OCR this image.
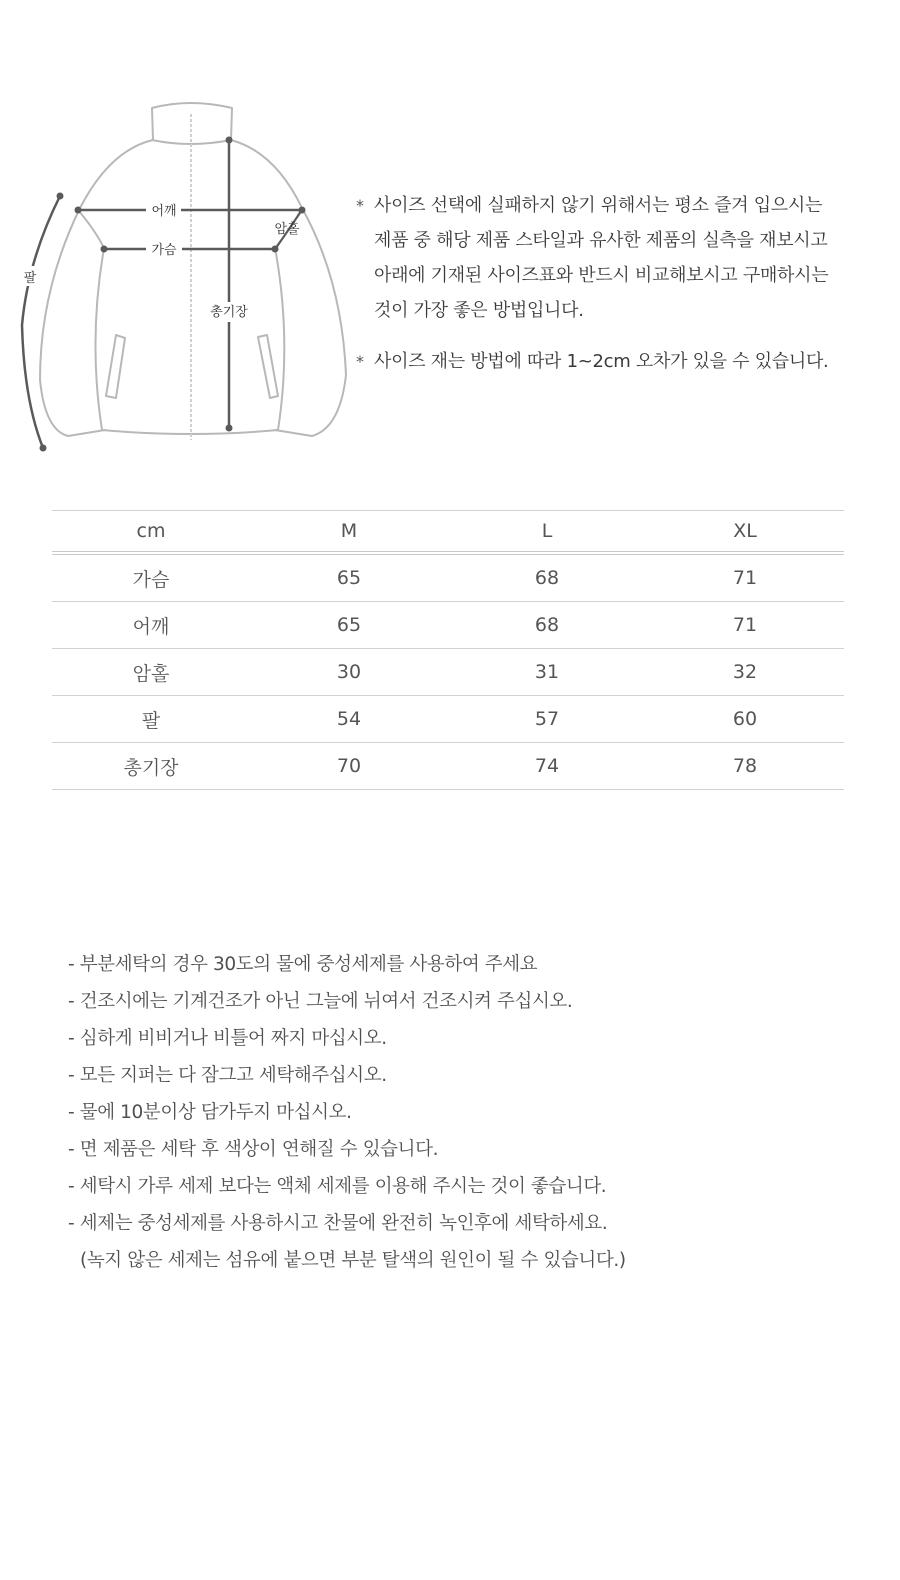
어깨
가슴
암홀
총기장
팔
* 사이즈 선택에 실패하지 않기 위해서는 평소 즐겨 입으시는
제품 중 해당 제품 스타일과 유사한 제품의 실측을 재보시고
아래에 기재된 사이즈표와 반드시 비교해보시고 구매하시는
것이 가장 좋은 방법입니다.
* 사이즈 재는 방법에 따라 1~2cm 오차가 있을 수 있습니다.
cm	M	L	XL
가슴	65	68	71
어깨	65	68	71
암홀	30	31	32
팔	54	57	60
총기장	70	74	78
- 부분세탁의 경우 30도의 물에 중성세제를 사용하여 주세요
- 건조시에는 기계건조가 아닌 그늘에 뉘여서 건조시켜 주십시오.
- 심하게 비비거나 비틀어 짜지 마십시오.
- 모든 지퍼는 다 잠그고 세탁해주십시오.
- 물에 10분이상 담가두지 마십시오.
- 면 제품은 세탁 후 색상이 연해질 수 있습니다.
- 세탁시 가루 세제 보다는 액체 세제를 이용해 주시는 것이 좋습니다.
- 세제는 중성세제를 사용하시고 찬물에 완전히 녹인후에 세탁하세요.
(녹지 않은 세제는 섬유에 붙으면 부분 탈색의 원인이 될 수 있습니다.)
